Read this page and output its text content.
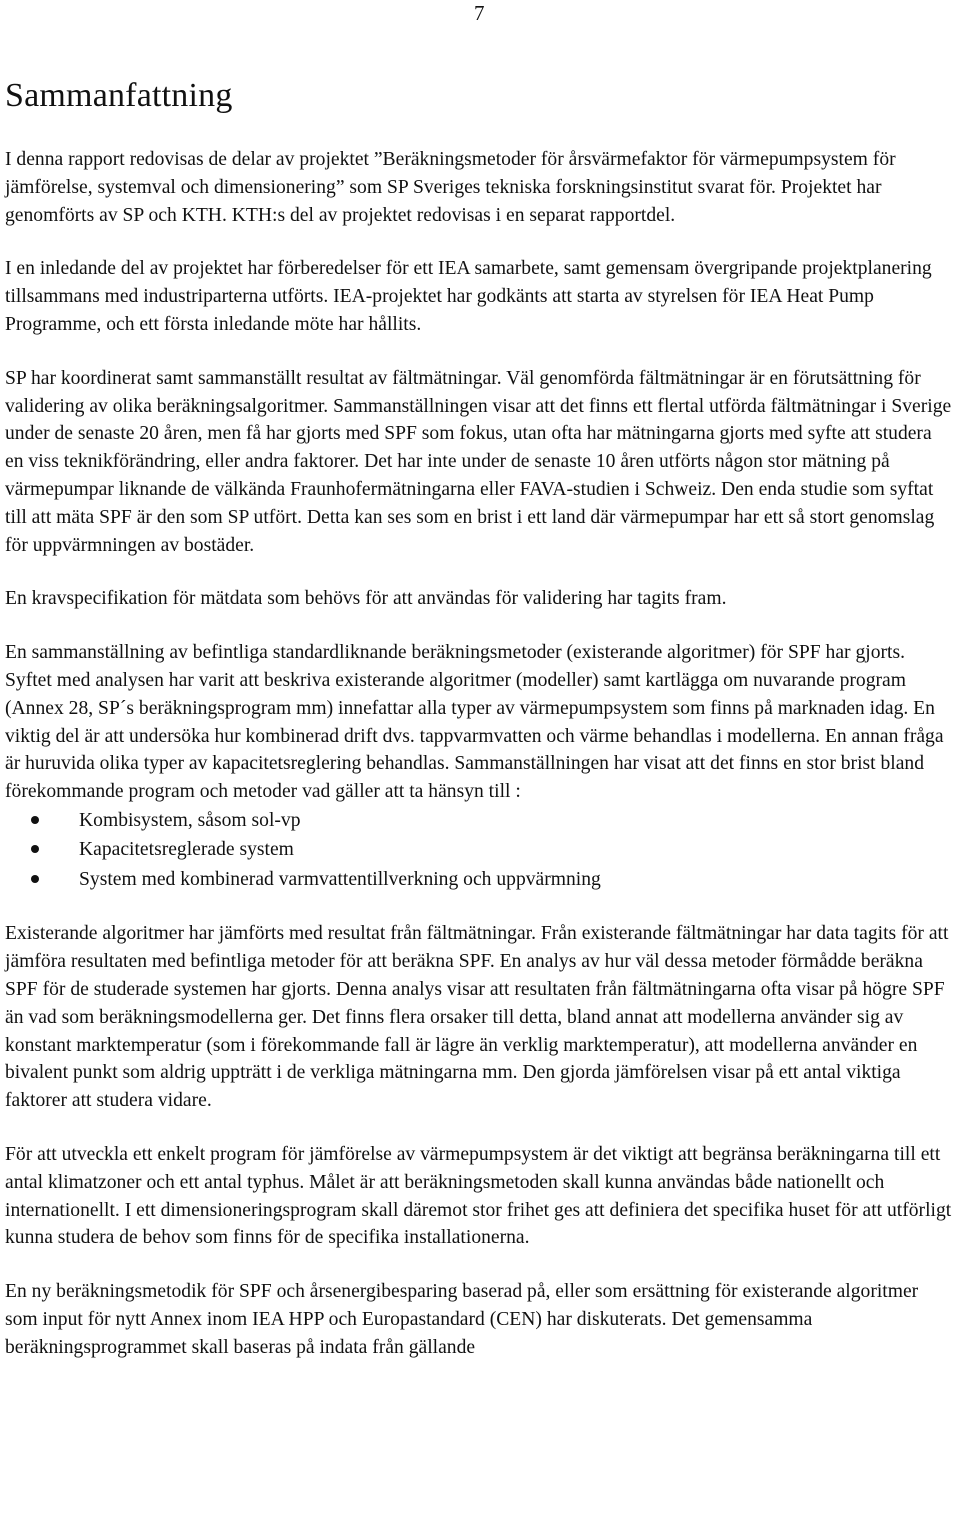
7
Sammanfattning

I denna rapport redovisas de delar av projektet ”Beräkningsmetoder för årsvärmefaktor för värmepumpsystem för jämförelse, systemval och dimensionering” som SP Sveriges tekniska forskningsinstitut svarat för. Projektet har genomförts av SP och KTH. KTH:s del av projektet redovisas i en separat rapportdel.

I en inledande del av projektet har förberedelser för ett IEA samarbete, samt gemensam övergripande projektplanering tillsammans med industriparterna utförts. IEA-projektet har godkänts att starta av styrelsen för IEA Heat Pump Programme, och ett första inledande möte har hållits.

SP har koordinerat samt sammanställt resultat av fältmätningar. Väl genomförda fältmätningar är en förutsättning för validering av olika beräkningsalgoritmer. Sammanställningen visar att det finns ett flertal utförda fältmätningar i Sverige under de senaste 20 åren, men få har gjorts med SPF som fokus, utan ofta har mätningarna gjorts med syfte att studera en viss teknikförändring, eller andra faktorer. Det har inte under de senaste 10 åren utförts någon stor mätning på värmepumpar liknande de välkända Fraunhofermätningarna eller FAVA-studien i Schweiz. Den enda studie som syftat till att mäta SPF är den som SP utfört. Detta kan ses som en brist i ett land där värmepumpar har ett så stort genomslag för uppvärmningen av bostäder.

En kravspecifikation för mätdata som behövs för att användas för validering har tagits fram.

En sammanställning av befintliga standardliknande beräkningsmetoder (existerande algoritmer) för SPF har gjorts. Syftet med analysen har varit att beskriva existerande algoritmer (modeller) samt kartlägga om nuvarande program (Annex 28, SP´s beräkningsprogram mm) innefattar alla typer av värmepumpsystem som finns på marknaden idag. En viktig del är att undersöka hur kombinerad drift dvs. tappvarmvatten och värme behandlas i modellerna. En annan fråga är huruvida olika typer av kapacitetsreglering behandlas. Sammanställningen har visat att det finns en stor brist bland förekommande program och metoder vad gäller att ta hänsyn till :

Kombisystem, såsom sol-vp
Kapacitetsreglerade system
System med kombinerad varmvattentillverkning och uppvärmning

Existerande algoritmer har jämförts med resultat från fältmätningar. Från existerande fältmätningar har data tagits för att jämföra resultaten med befintliga metoder för att beräkna SPF. En analys av hur väl dessa metoder förmådde beräkna SPF för de studerade systemen har gjorts. Denna analys visar att resultaten från fältmätningarna ofta visar på högre SPF än vad som beräkningsmodellerna ger. Det finns flera orsaker till detta, bland annat att modellerna använder sig av konstant marktemperatur (som i förekommande fall är lägre än verklig marktemperatur), att modellerna använder en bivalent punkt som aldrig uppträtt i de verkliga mätningarna mm. Den gjorda jämförelsen visar på ett antal viktiga faktorer att studera vidare.

För att utveckla ett enkelt program för jämförelse av värmepumpsystem är det viktigt att begränsa beräkningarna till ett antal klimatzoner och ett antal typhus. Målet är att beräkningsmetoden skall kunna användas både nationellt och internationellt. I ett dimensioneringsprogram skall däremot stor frihet ges att definiera det specifika huset för att utförligt kunna studera de behov som finns för de specifika installationerna.

En ny beräkningsmetodik för SPF och årsenergibesparing baserad på, eller som ersättning för existerande algoritmer som input för nytt Annex inom IEA HPP och Europastandard (CEN) har diskuterats. Det gemensamma beräkningsprogrammet skall baseras på indata från gällande
